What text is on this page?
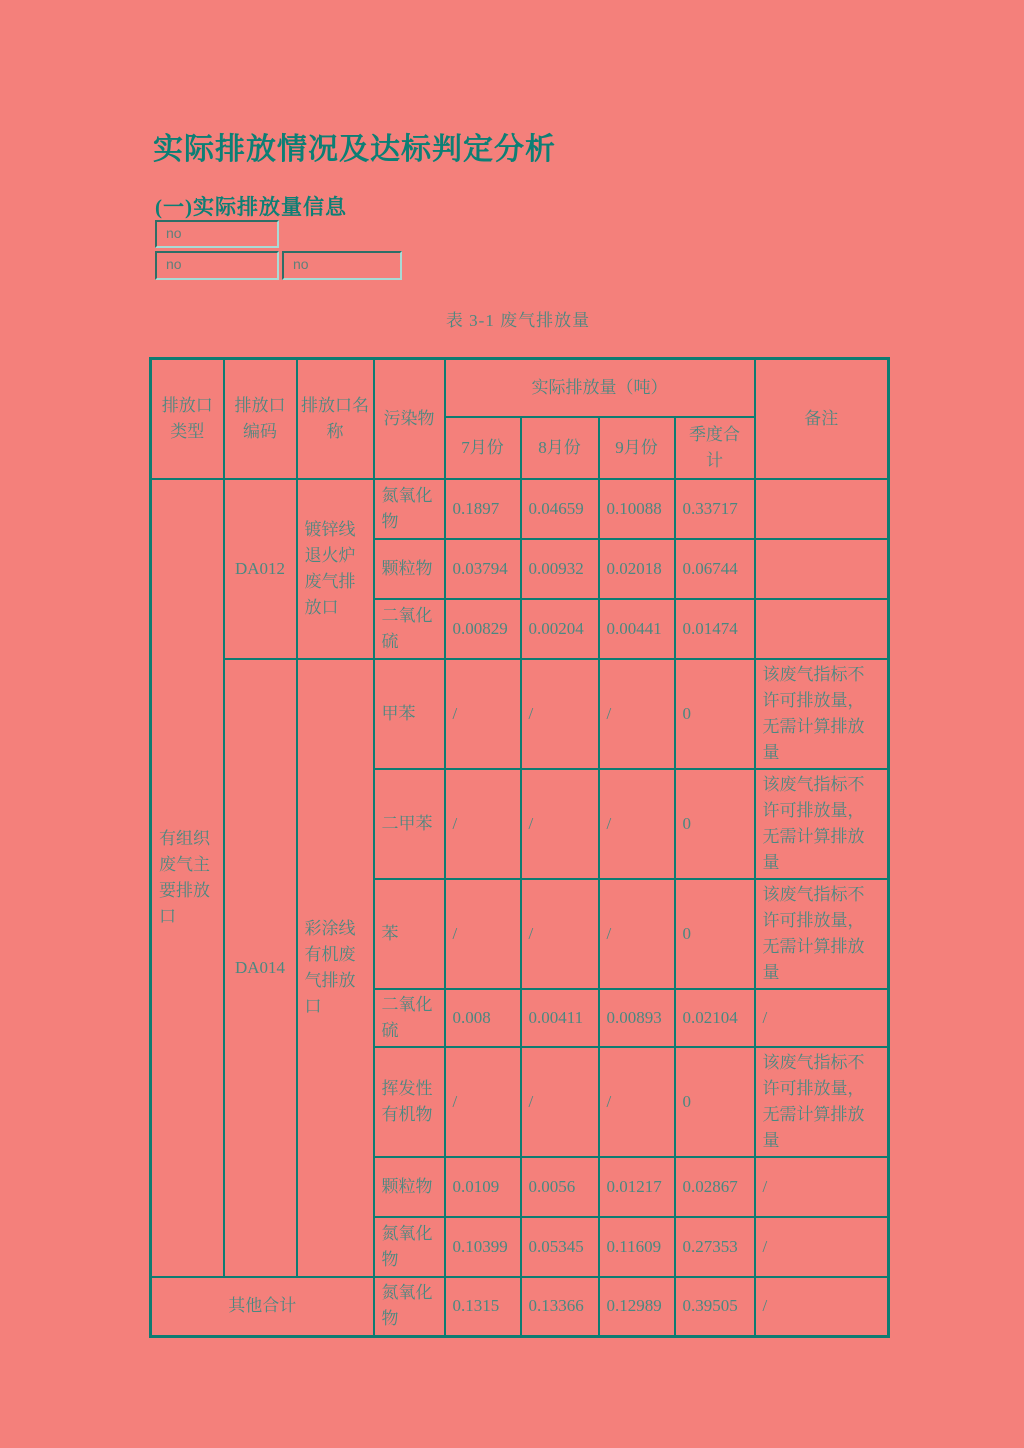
实际排放情况及达标判定分析
(一)实际排放量信息
no
no	no
表 3-1 废气排放量
排放口类型	排放口编码	排放口名称	污染物	实际排放量（吨）				备注
				7月份	8月份	9月份	季度合计	
有组织废气主要排放口	DA012	镀锌线退火炉废气排放口	氮氧化物	0.1897	0.04659	0.10088	0.33717	
			颗粒物	0.03794	0.00932	0.02018	0.06744	
			二氧化硫	0.00829	0.00204	0.00441	0.01474	
	DA014	彩涂线有机废气排放口	甲苯	/	/	/	0	该废气指标不许可排放量，无需计算排放量
			二甲苯	/	/	/	0	该废气指标不许可排放量，无需计算排放量
			苯	/	/	/	0	该废气指标不许可排放量，无需计算排放量
			二氧化硫	0.008	0.00411	0.00893	0.02104	/
			挥发性有机物	/	/	/	0	该废气指标不许可排放量，无需计算排放量
			颗粒物	0.0109	0.0056	0.01217	0.02867	/
			氮氧化物	0.10399	0.05345	0.11609	0.27353	/
其他合计			氮氧化物	0.1315	0.13366	0.12989	0.39505	/
